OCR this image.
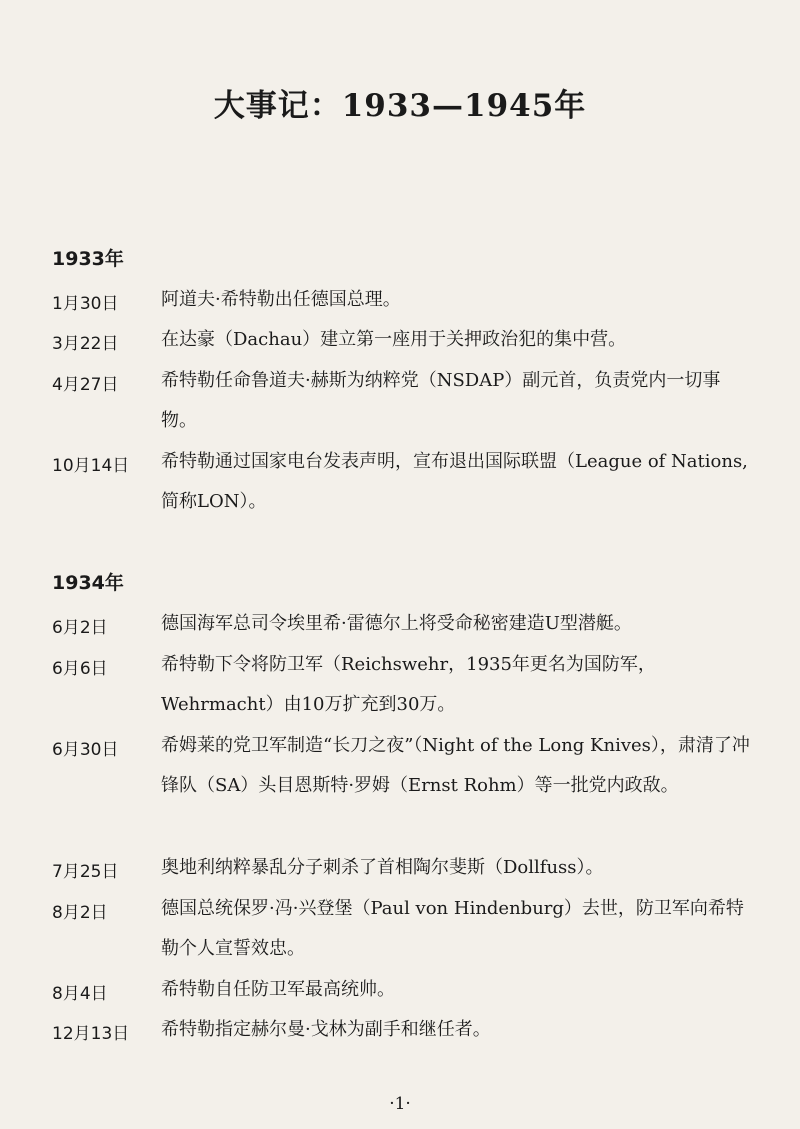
大事记：1933—1945年
1933年
1月30日 阿道夫·希特勒出任德国总理。
3月22日 在达豪（Dachau）建立第一座用于关押政治犯的集中营。
4月27日 希特勒任命鲁道夫·赫斯为纳粹党（NSDAP）副元首，负责党内一切事物。
10月14日 希特勒通过国家电台发表声明，宣布退出国际联盟（League of Nations,简称LON）。
1934年
6月2日	德国海军总司令埃里希·雷德尔上将受命秘密建造U型潜艇。
6月6日	希特勒下令将防卫军（Reichswehr，1935年更名为国防军，Wehrmacht）由10万扩充到30万。
6月30日 希姆莱的党卫军制造“长刀之夜”（Night of the Long Knives），肃清了冲锋队（SA）头目恩斯特·罗姆（Ernst Rohm）等一批党内政敌。
7月25日 奥地利纳粹暴乱分子刺杀了首相陶尔斐斯（Dollfuss）。
8月2日	德国总统保罗·冯·兴登堡（Paul von Hindenburg）去世，防卫军向希特勒个人宣誓效忠。
8月4日	希特勒自任防卫军最高统帅。
12月13日 希特勒指定赫尔曼·戈林为副手和继任者。
·1·
